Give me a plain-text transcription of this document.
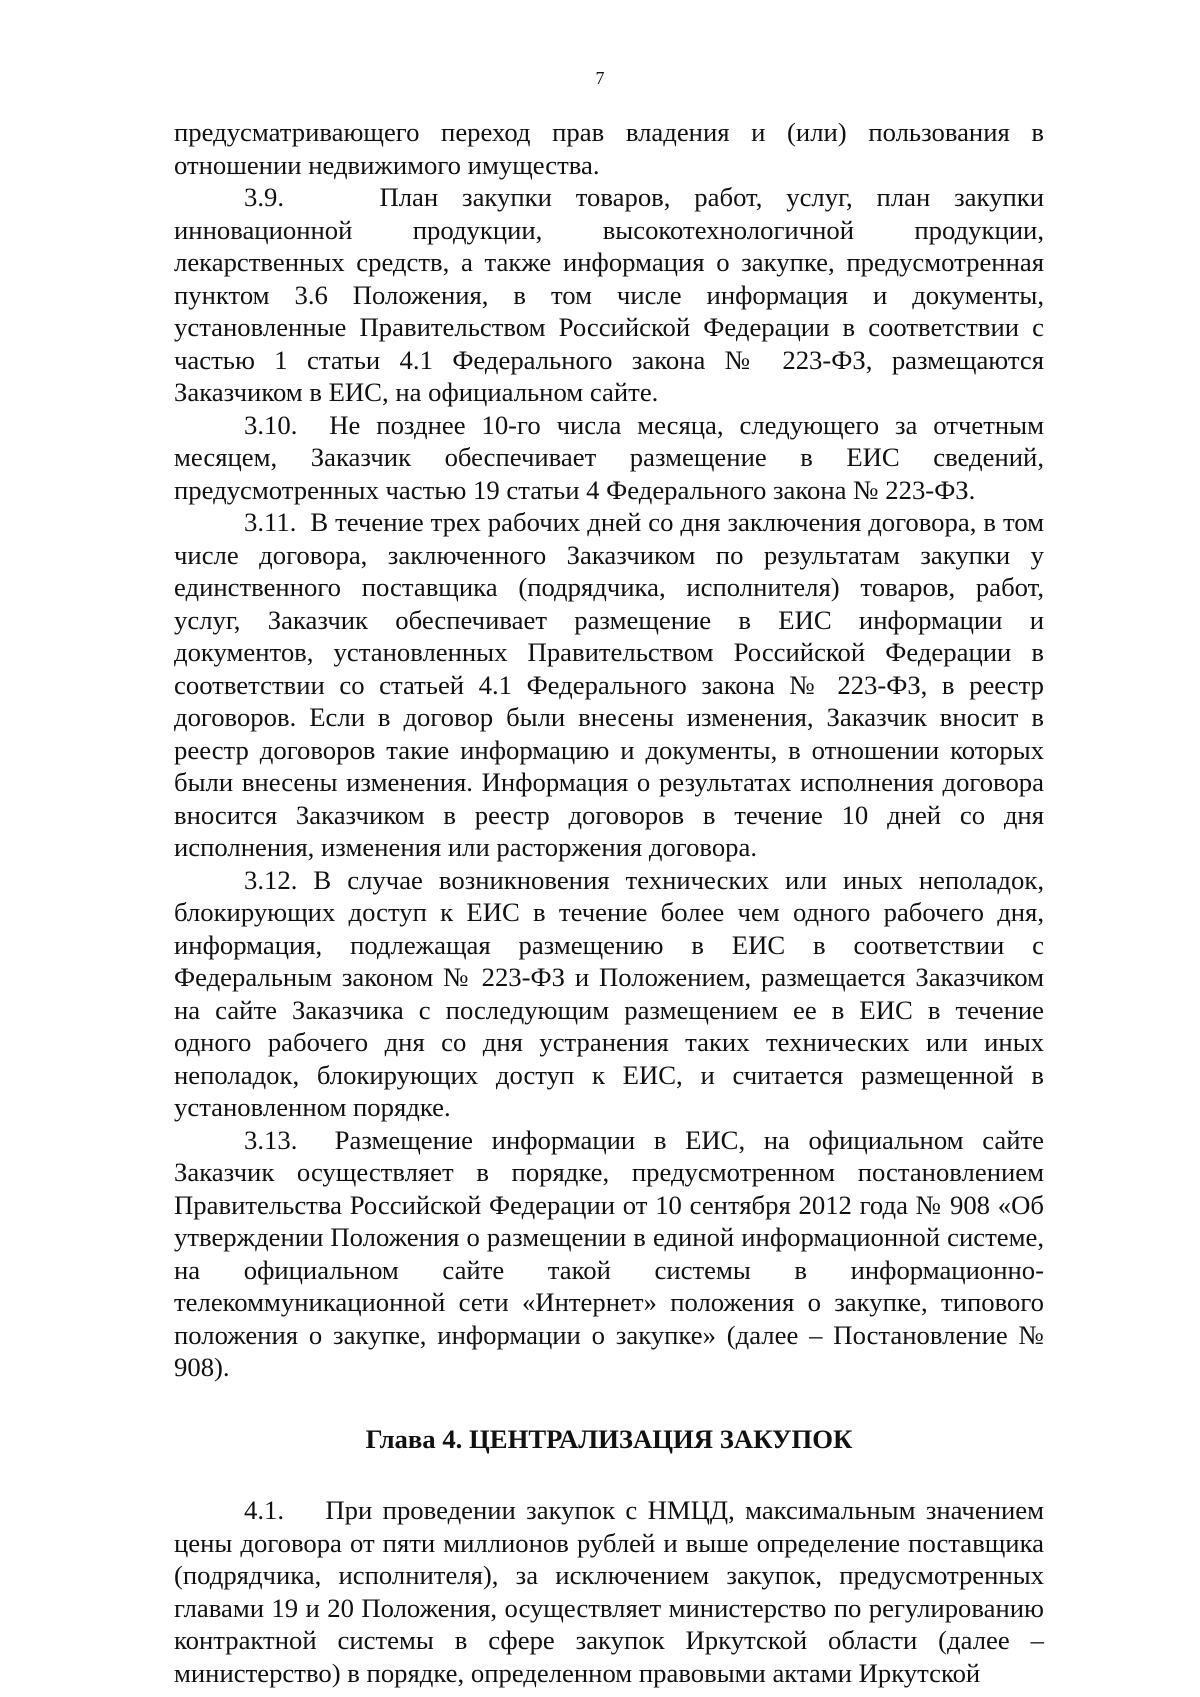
7

предусматривающего переход прав владения и (или) пользования в отношении недвижимого имущества.

3.9.    План закупки товаров, работ, услуг, план закупки инновационной продукции, высокотехнологичной продукции, лекарственных средств, а также информация о закупке, предусмотренная пунктом 3.6 Положения, в том числе информация и документы, установленные Правительством Российской Федерации в соответствии с частью 1 статьи 4.1 Федерального закона № 223-ФЗ, размещаются Заказчиком в ЕИС, на официальном сайте.

3.10.  Не позднее 10-го числа месяца, следующего за отчетным месяцем, Заказчик обеспечивает размещение в ЕИС сведений, предусмотренных частью 19 статьи 4 Федерального закона № 223-ФЗ.

3.11.  В течение трех рабочих дней со дня заключения договора, в том числе договора, заключенного Заказчиком по результатам закупки у единственного поставщика (подрядчика, исполнителя) товаров, работ, услуг, Заказчик обеспечивает размещение в ЕИС информации и документов, установленных Правительством Российской Федерации в соответствии со статьей 4.1 Федерального закона № 223-ФЗ, в реестр договоров. Если в договор были внесены изменения, Заказчик вносит в реестр договоров такие информацию и документы, в отношении которых были внесены изменения. Информация о результатах исполнения договора вносится Заказчиком в реестр договоров в течение 10 дней со дня исполнения, изменения или расторжения договора.

3.12. В случае возникновения технических или иных неполадок, блокирующих доступ к ЕИС в течение более чем одного рабочего дня, информация, подлежащая размещению в ЕИС в соответствии с Федеральным законом № 223-ФЗ и Положением, размещается Заказчиком на сайте Заказчика с последующим размещением ее в ЕИС в течение одного рабочего дня со дня устранения таких технических или иных неполадок, блокирующих доступ к ЕИС, и считается размещенной в установленном порядке.

3.13.  Размещение информации в ЕИС, на официальном сайте Заказчик осуществляет в порядке, предусмотренном постановлением Правительства Российской Федерации от 10 сентября 2012 года № 908 «Об утверждении Положения о размещении в единой информационной системе, на официальном сайте такой системы в информационно-телекоммуникационной сети «Интернет» положения о закупке, типового положения о закупке, информации о закупке» (далее – Постановление № 908).

Глава 4. ЦЕНТРАЛИЗАЦИЯ ЗАКУПОК

4.1.    При проведении закупок с НМЦД, максимальным значением цены договора от пяти миллионов рублей и выше определение поставщика (подрядчика, исполнителя), за исключением закупок, предусмотренных главами 19 и 20 Положения, осуществляет министерство по регулированию контрактной системы в сфере закупок Иркутской области (далее – министерство) в порядке, определенном правовыми актами Иркутской
